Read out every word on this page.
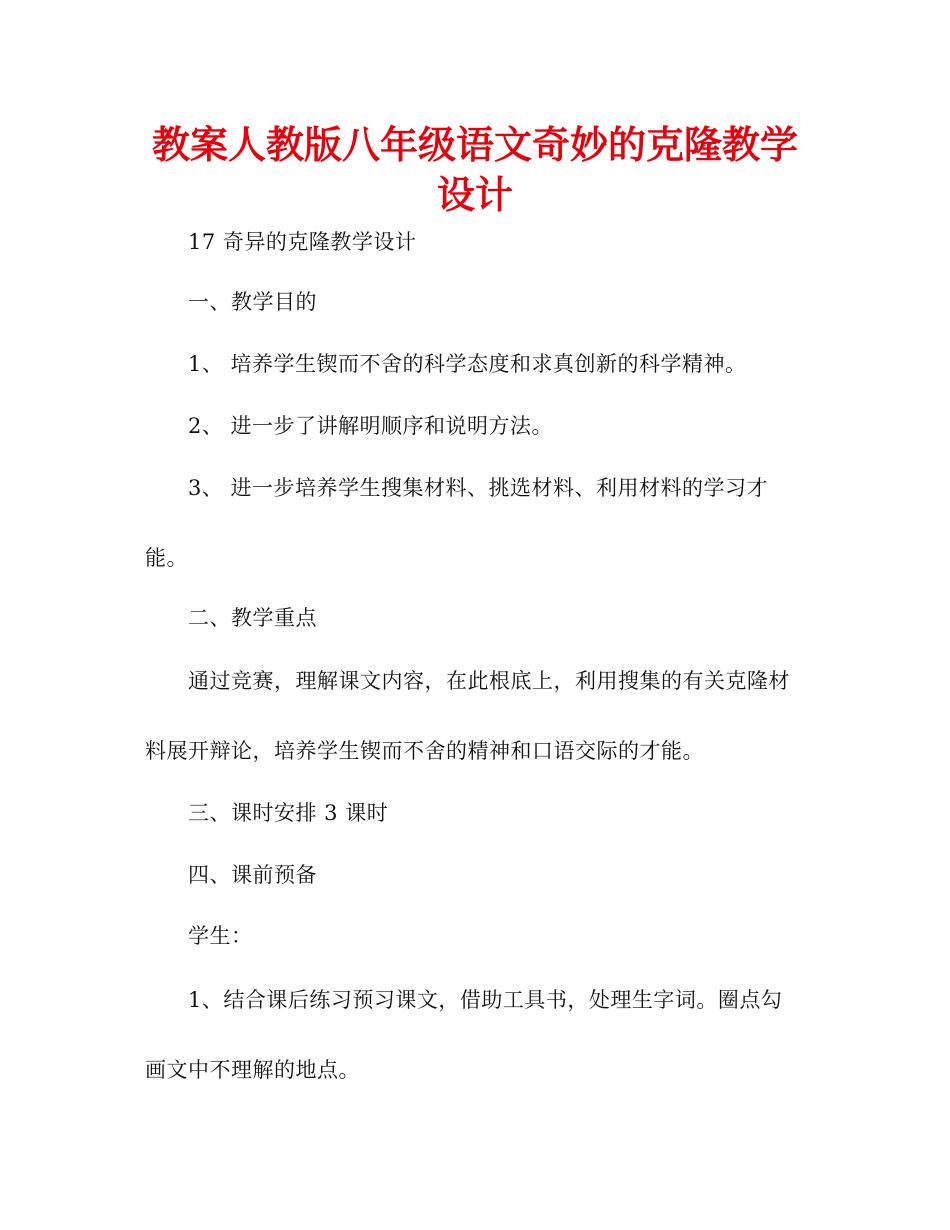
教案人教版八年级语文奇妙的克隆教学设计
17 奇异的克隆教学设计
一、教学目的
1、 培养学生锲而不舍的科学态度和求真创新的科学精神。
2、 进一步了讲解明顺序和说明方法。
3、 进一步培养学生搜集材料、挑选材料、利用材料的学习才
能。
二、教学重点
通过竞赛，理解课文内容，在此根底上，利用搜集的有关克隆材
料展开辩论，培养学生锲而不舍的精神和口语交际的才能。
三、课时安排 3 课时
四、课前预备
学生：
1、结合课后练习预习课文，借助工具书，处理生字词。圈点勾
画文中不理解的地点。
